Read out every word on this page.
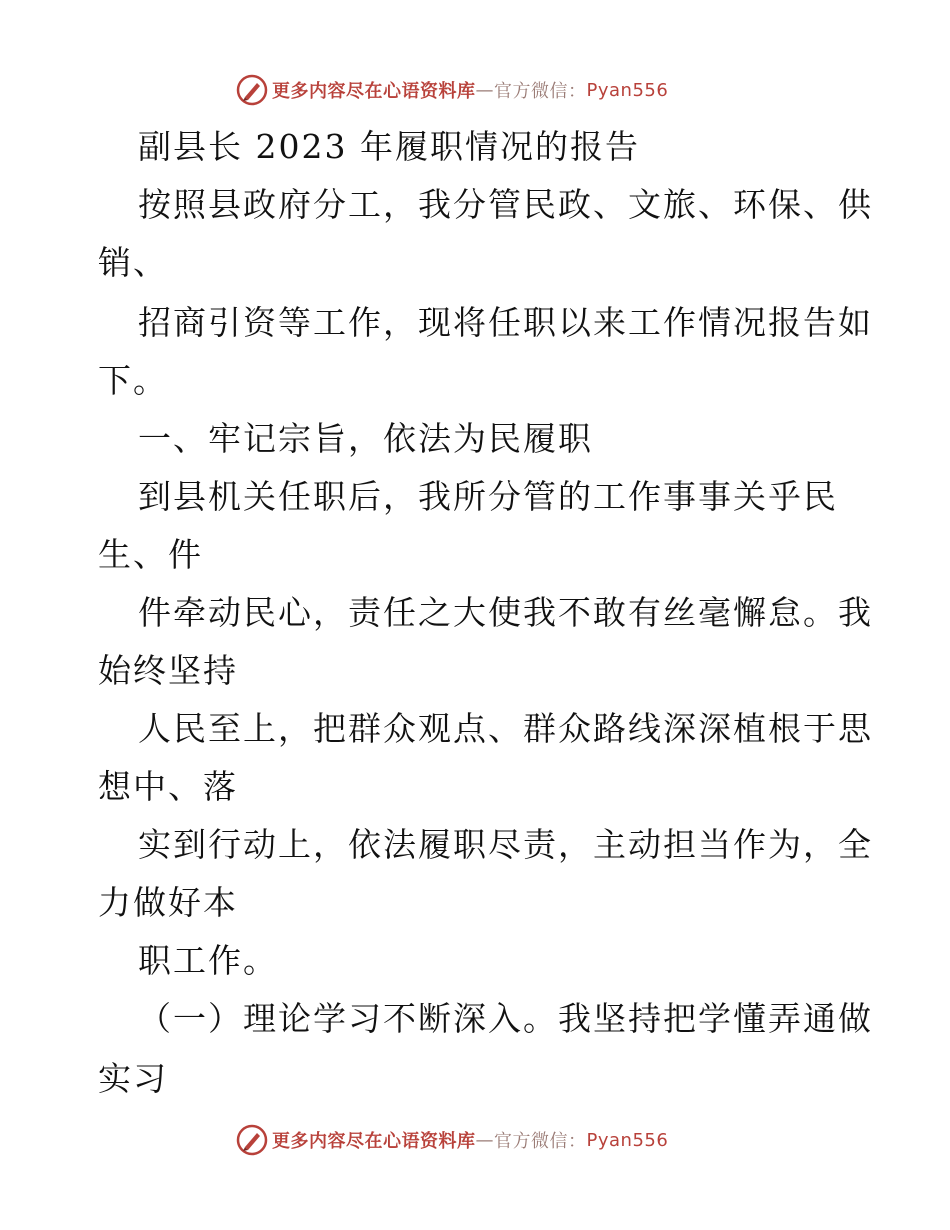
更多内容尽在心语资料库 — 官方微信： Pyan556
副县长 2023 年履职情况的报告
按照县政府分工，我分管民政、文旅、环保、供
销、
招商引资等工作，现将任职以来工作情况报告如
下。
一、牢记宗旨，依法为民履职
到县机关任职后，我所分管的工作事事关乎民
生、件
件牵动民心，责任之大使我不敢有丝毫懈怠。我
始终坚持
人民至上，把群众观点、群众路线深深植根于思
想中、落
实到行动上，依法履职尽责，主动担当作为，全
力做好本
职工作。
（一）理论学习不断深入。我坚持把学懂弄通做
实习
更多内容尽在心语资料库 — 官方微信： Pyan556
